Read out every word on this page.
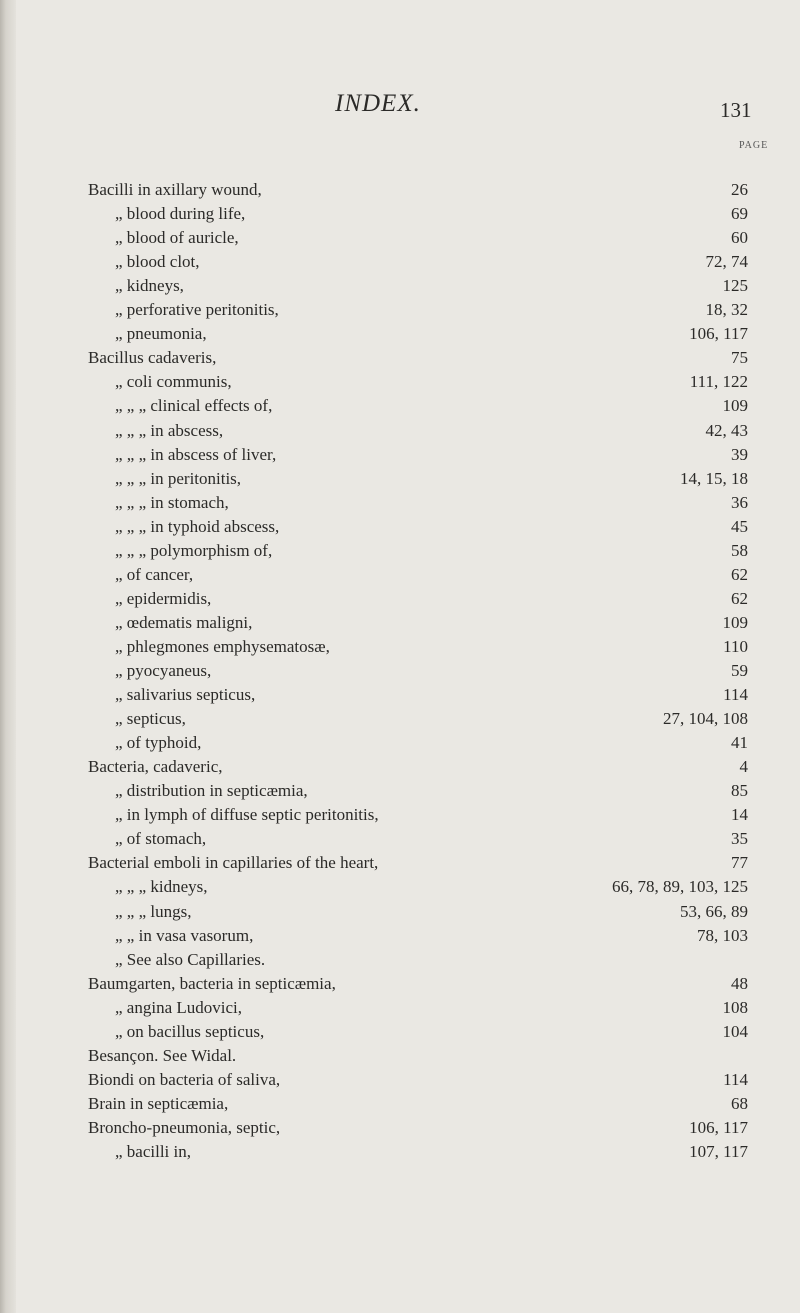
INDEX.	131
PAGE
Bacilli in axillary wound,	26
„ blood during life,	69
„ blood of auricle,	60
„ blood clot,	72, 74
„ kidneys,	125
„ perforative peritonitis,	18, 32
„ pneumonia,	106, 117
Bacillus cadaveris,	75
„ coli communis,	111, 122
„ „ „ clinical effects of,	109
„ „ „ in abscess,	42, 43
„ „ „ in abscess of liver,	39
„ „ „ in peritonitis,	14, 15, 18
„ „ „ in stomach,	36
„ „ „ in typhoid abscess,	45
„ „ „ polymorphism of,	58
„ of cancer,	62
„ epidermidis,	62
„ œdematis maligni,	109
„ phlegmones emphysematosæ,	110
„ pyocyaneus,	59
„ salivarius septicus,	114
„ septicus,	27, 104, 108
„ of typhoid,	41
Bacteria, cadaveric,	4
„ distribution in septicæmia,	85
„ in lymph of diffuse septic peritonitis,	14
„ of stomach,	35
Bacterial emboli in capillaries of the heart,	77
„ „ „ kidneys,	66, 78, 89, 103, 125
„ „ „ lungs,	53, 66, 89
„ „ in vasa vasorum,	78, 103
„ See also Capillaries.
Baumgarten, bacteria in septicæmia,	48
„ angina Ludovici,	108
„ on bacillus septicus,	104
Besançon. See Widal.
Biondi on bacteria of saliva,	114
Brain in septicæmia,	68
Broncho-pneumonia, septic,	106, 117
„ bacilli in,	107, 117
